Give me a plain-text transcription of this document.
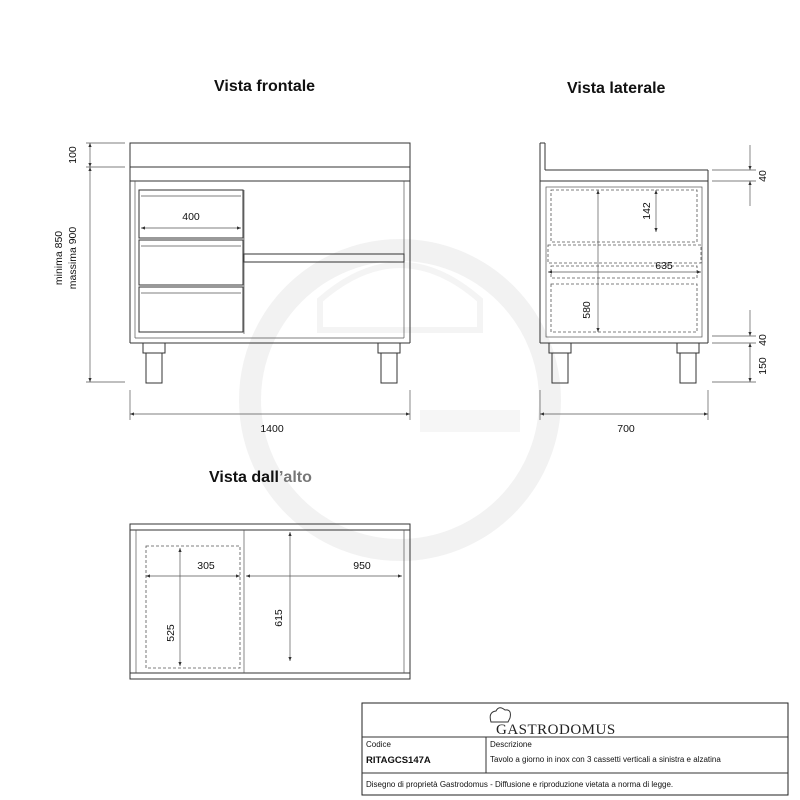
Vista frontale	Vista laterale
Vista dall’alto
400
100
minima 850 massima 900
1400
142
635
580
40
40
150
700
305
525
950
615
GASTRODOMUS
Codice
RITAGCS147A
Descrizione
Tavolo a giorno in inox con 3 cassetti verticali a sinistra e alzatina
Disegno di proprietà Gastrodomus - Diffusione e riproduzione vietata a norma di legge.
